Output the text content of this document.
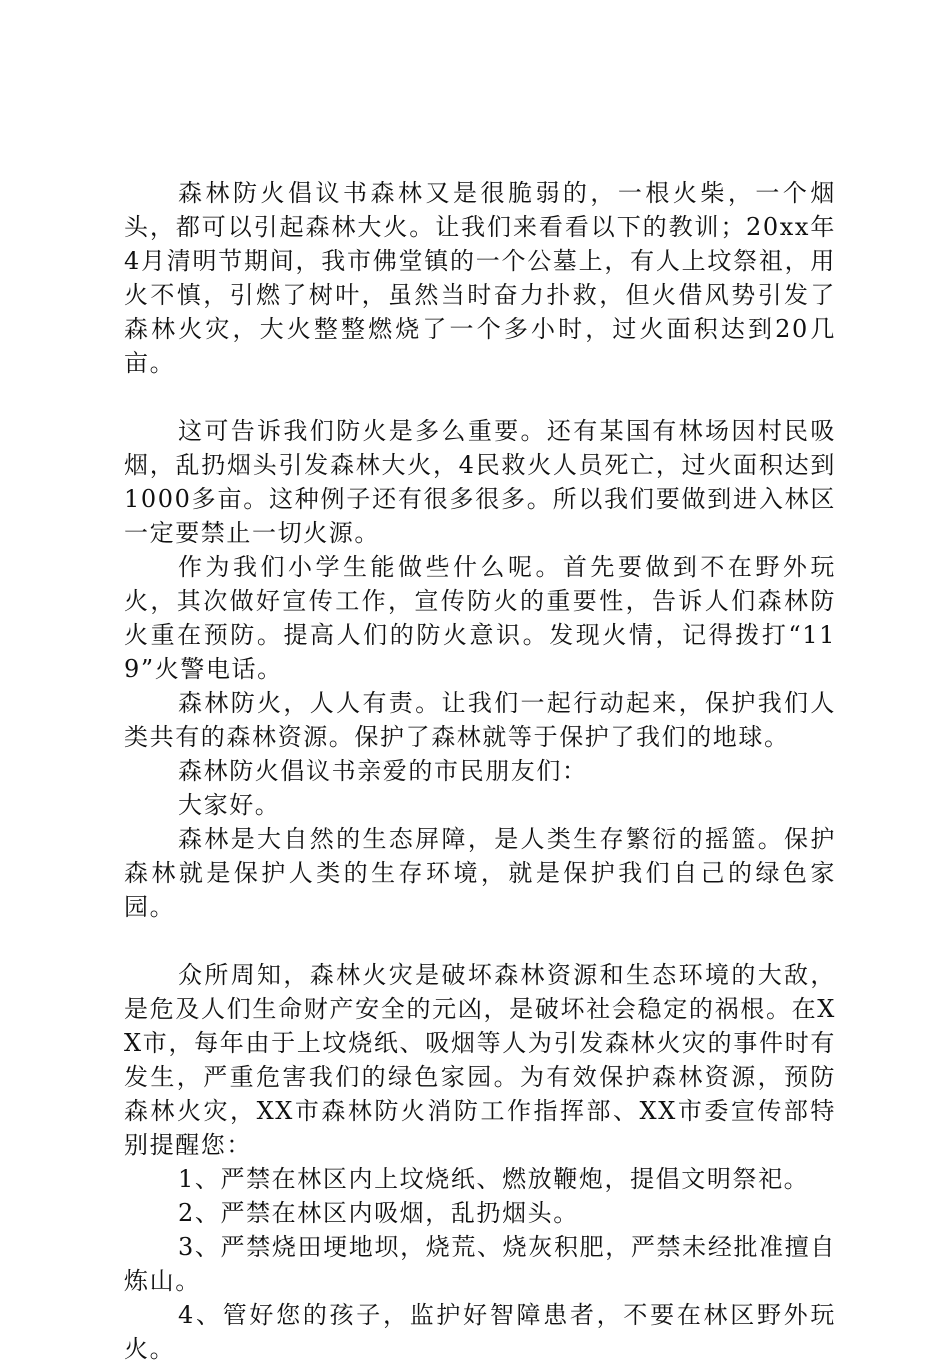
森林防火倡议书森林又是很脆弱的，一根火柴，一个烟头，都可以引起森林大火。让我们来看看以下的教训；20xx年4月清明节期间，我市佛堂镇的一个公墓上，有人上坟祭祖，用火不慎，引燃了树叶，虽然当时奋力扑救，但火借风势引发了森林火灾，大火整整燃烧了一个多小时，过火面积达到20几亩。

这可告诉我们防火是多么重要。还有某国有林场因村民吸烟，乱扔烟头引发森林大火，4民救火人员死亡，过火面积达到1000多亩。这种例子还有很多很多。所以我们要做到进入林区一定要禁止一切火源。

作为我们小学生能做些什么呢。首先要做到不在野外玩火，其次做好宣传工作，宣传防火的重要性，告诉人们森林防火重在预防。提高人们的防火意识。发现火情，记得拨打“119”火警电话。

森林防火，人人有责。让我们一起行动起来，保护我们人类共有的森林资源。保护了森林就等于保护了我们的地球。

森林防火倡议书亲爱的市民朋友们：

大家好。

森林是大自然的生态屏障，是人类生存繁衍的摇篮。保护森林就是保护人类的生存环境，就是保护我们自己的绿色家园。

众所周知，森林火灾是破坏森林资源和生态环境的大敌，是危及人们生命财产安全的元凶，是破坏社会稳定的祸根。在XX市，每年由于上坟烧纸、吸烟等人为引发森林火灾的事件时有发生，严重危害我们的绿色家园。为有效保护森林资源，预防森林火灾，XX市森林防火消防工作指挥部、XX市委宣传部特别提醒您：

1、严禁在林区内上坟烧纸、燃放鞭炮，提倡文明祭祀。

2、严禁在林区内吸烟，乱扔烟头。

3、严禁烧田埂地坝，烧荒、烧灰积肥，严禁未经批准擅自炼山。

4、管好您的孩子，监护好智障患者，不要在林区野外玩火。
